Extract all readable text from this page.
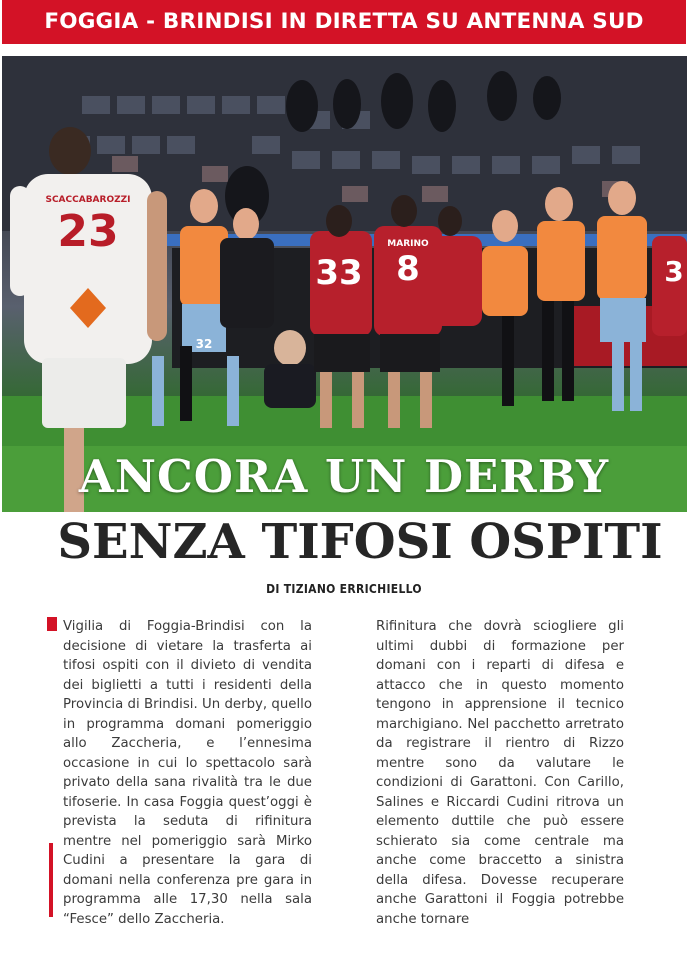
FOGGIA - BRINDISI IN DIRETTA SU ANTENNA SUD
23
SCACCABAROZZI
33 8
MARINO
32
3
ANCORA UN DERBY
SENZA TIFOSI OSPITI
DI TIZIANO ERRICHIELLO
Vigilia di Foggia-Brindisi con la decisione di vietare la trasferta ai tifosi ospiti con il divieto di vendita dei biglietti a tutti i residenti della Provincia di Brindisi. Un derby, quello in programma domani pomeriggio allo Zaccheria, e l’ennesima occasione in cui lo spettacolo sarà privato della sana rivalità tra le due tifoserie. In casa Foggia quest’oggi è prevista la seduta di rifinitura mentre nel pomeriggio sarà Mirko Cudini a presentare la gara di domani nella conferenza pre gara in programma alle 17,30 nella sala “Fesce” dello Zaccheria.
Rifinitura che dovrà sciogliere gli ultimi dubbi di formazione per domani con i reparti di difesa e attacco che in questo momento tengono in apprensione il tecnico marchigiano. Nel pacchetto arretrato da registrare il rientro di Rizzo mentre sono da valutare le condizioni di Garattoni. Con Carillo, Salines e Riccardi Cudini ritrova un elemento duttile che può essere schierato sia come centrale ma anche come braccetto a sinistra della difesa. Dovesse recuperare anche Garattoni il Foggia potrebbe anche tornare
